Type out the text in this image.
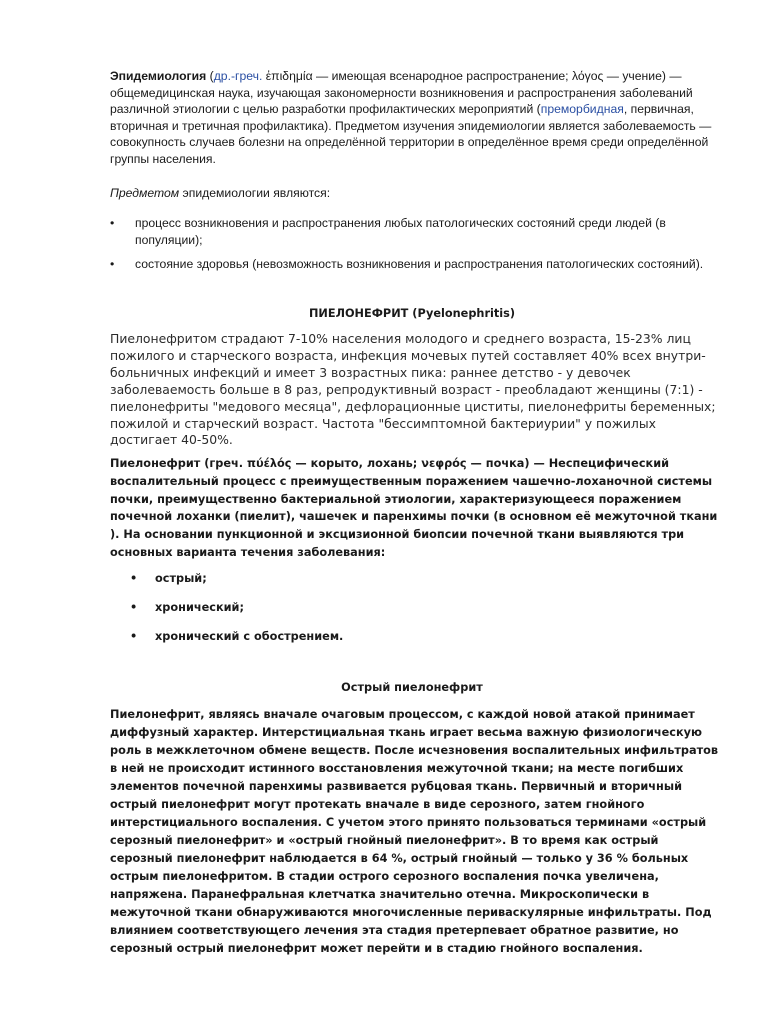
Эпидемиология (др.-греч. ἐπιδημία — имеющая всенародное распространение; λόγος — учение) — общемедицинская наука, изучающая закономерности возникновения и распространения заболеваний различной этиологии с целью разработки профилактических мероприятий (преморбидная, первичная, вторичная и третичная профилактика). Предметом изучения эпидемиологии является заболеваемость — совокупность случаев болезни на определённой территории в определённое время среди определённой группы населения.

Предметом эпидемиологии являются:

• процесс возникновения и распространения любых патологических состояний среди людей (в популяции);
• состояние здоровья (невозможность возникновения и распространения патологических состояний).
ПИЕЛОНЕФРИТ (Pyelonephritis)

Пиелонефритом страдают 7-10% населения молодого и среднего возраста, 15-23% лиц пожилого и старческого возраста, инфекция мочевых путей составляет 40% всех внутри-больничных инфекций и имеет 3 возрастных пика: раннее детство - у девочек заболеваемость больше в 8 раз, репродуктивный возраст - преобладают женщины (7:1) - пиелонефриты "медового месяца", дефлорационные циститы, пиелонефриты беременных; пожилой и старческий возраст. Частота "бессимптомной бактериурии" у пожилых достигает 40-50%.

Пиелонефрит (греч. πύέλός — корыто, лохань; νεφρός — почка) — Неспецифический воспалительный процесс с преимущественным поражением чашечно-лоханочной системы почки, преимущественно бактериальной этиологии, характеризующееся поражением почечной лоханки (пиелит), чашечек и паренхимы почки (в основном её межуточной ткани ). На основании пункционной и эксцизионной биопсии почечной ткани выявляются три основных варианта течения заболевания:

• острый;
• хронический;
• хронический с обострением.
Острый пиелонефрит

Пиелонефрит, являясь вначале очаговым процессом, с каждой новой атакой принимает диффузный характер. Интерстициальная ткань играет весьма важную физиологическую роль в межклеточном обмене веществ. После исчезновения воспалительных инфильтратов в ней не происходит истинного восстановления межуточной ткани; на месте погибших элементов почечной паренхимы развивается рубцовая ткань. Первичный и вторичный острый пиелонефрит могут протекать вначале в виде серозного, затем гнойного интерстициального воспаления. С учетом этого принято пользоваться терминами «острый серозный пиелонефрит» и «острый гнойный пиелонефрит». В то время как острый серозный пиелонефрит наблюдается в 64 %, острый гнойный — только у 36 % больных острым пиелонефритом. В стадии острого серозного воспаления почка увеличена, напряжена. Паранефральная клетчатка значительно отечна. Микроскопически в межуточной ткани обнаруживаются многочисленные периваскулярные инфильтраты. Под влиянием соответствующего лечения эта стадия претерпевает обратное развитие, но серозный острый пиелонефрит может перейти и в стадию гнойного воспаления.
